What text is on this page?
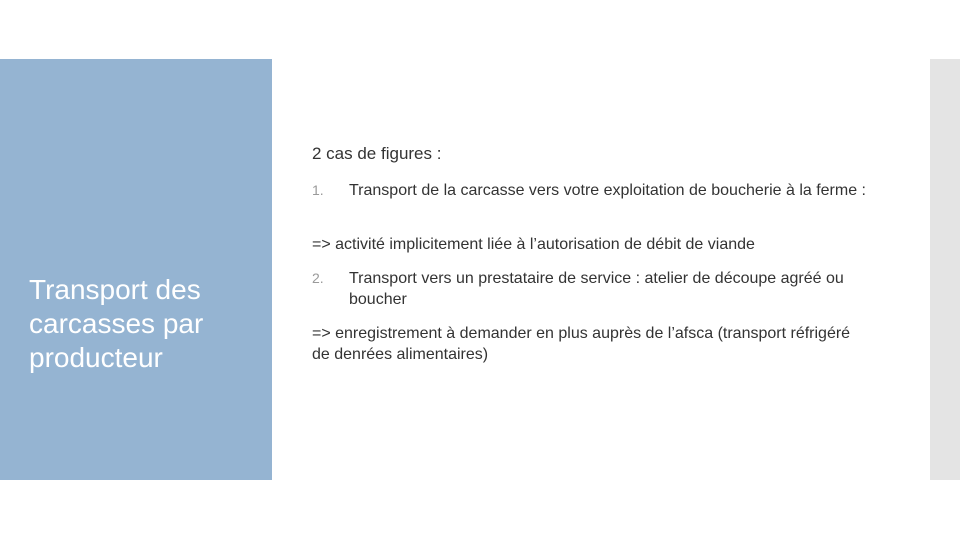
Transport des carcasses par producteur
2 cas de figures :
1. Transport de la carcasse vers votre exploitation de boucherie à la ferme :
=> activité implicitement liée à l’autorisation de débit de viande
2. Transport vers un prestataire de service : atelier de découpe agréé ou boucher
=> enregistrement à demander en plus auprès de l’afsca (transport réfrigéré de denrées alimentaires)
